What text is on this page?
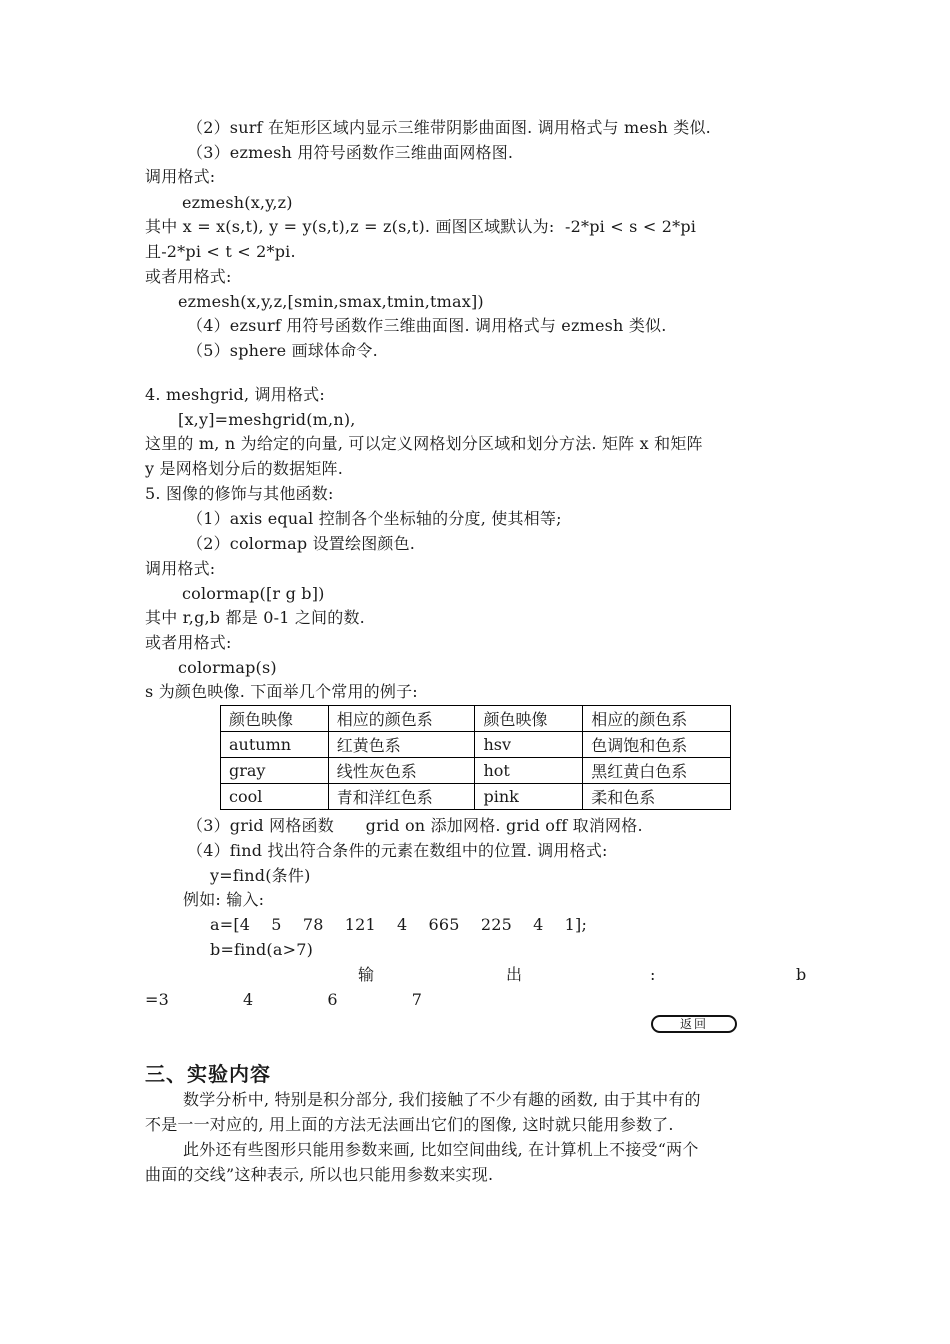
（2）surf 在矩形区域内显示三维带阴影曲面图. 调用格式与 mesh 类似.
（3）ezmesh 用符号函数作三维曲面网格图.
调用格式:
ezmesh(x,y,z)
其中 x = x(s,t), y = y(s,t),z = z(s,t). 画图区域默认为:  -2*pi < s < 2*pi
且-2*pi < t < 2*pi.
或者用格式:
ezmesh(x,y,z,[smin,smax,tmin,tmax])
（4）ezsurf 用符号函数作三维曲面图. 调用格式与 ezmesh 类似.
（5）sphere 画球体命令.
4. meshgrid, 调用格式:
[x,y]=meshgrid(m,n),
这里的 m, n 为给定的向量, 可以定义网格划分区域和划分方法. 矩阵 x 和矩阵
y 是网格划分后的数据矩阵.
5. 图像的修饰与其他函数:
（1）axis equal 控制各个坐标轴的分度, 使其相等;
（2）colormap 设置绘图颜色.
调用格式:
colormap([r g b])
其中 r,g,b 都是 0-1 之间的数.
或者用格式:
colormap(s)
s 为颜色映像. 下面举几个常用的例子:
颜色映像	相应的颜色系	颜色映像	相应的颜色系
autumn	红黄色系	hsv	色调饱和色系
gray	线性灰色系	hot	黑红黄白色系
cool	青和洋红色系	pink	柔和色系
（3）grid 网格函数      grid on 添加网格. grid off 取消网格.
（4）find 找出符合条件的元素在数组中的位置. 调用格式:
y=find(条件)
例如: 输入:
a=[4    5    78    121    4    665    225    4    1];
b=find(a>7)
输	出	:	b
=3              4              6              7
返回
三、实验内容
数学分析中, 特别是积分部分, 我们接触了不少有趣的函数, 由于其中有的
不是一一对应的, 用上面的方法无法画出它们的图像, 这时就只能用参数了.
此外还有些图形只能用参数来画, 比如空间曲线, 在计算机上不接受“两个
曲面的交线”这种表示, 所以也只能用参数来实现.
